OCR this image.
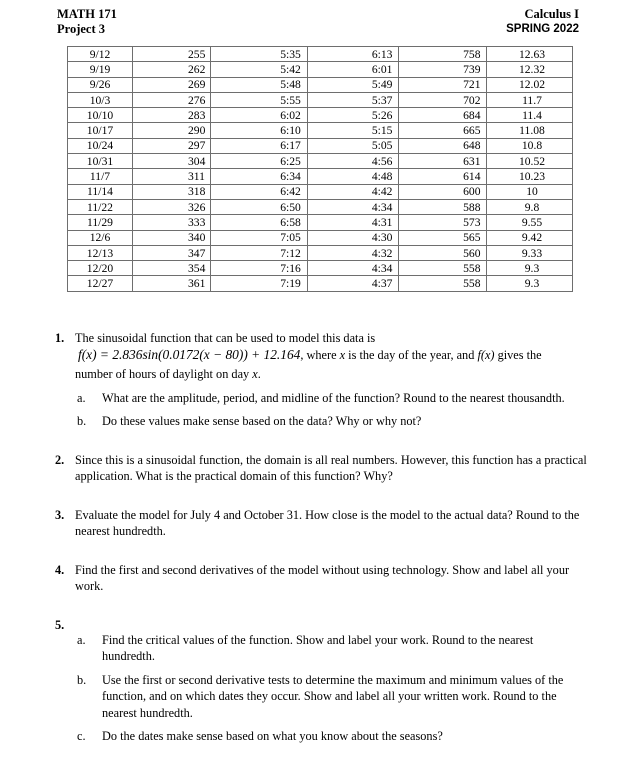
MATH 171
Project 3
Calculus I
SPRING 2022
9/12	255	5:35	6:13	758	12.63
9/19	262	5:42	6:01	739	12.32
9/26	269	5:48	5:49	721	12.02
10/3	276	5:55	5:37	702	11.7
10/10	283	6:02	5:26	684	11.4
10/17	290	6:10	5:15	665	11.08
10/24	297	6:17	5:05	648	10.8
10/31	304	6:25	4:56	631	10.52
11/7	311	6:34	4:48	614	10.23
11/14	318	6:42	4:42	600	10
11/22	326	6:50	4:34	588	9.8
11/29	333	6:58	4:31	573	9.55
12/6	340	7:05	4:30	565	9.42
12/13	347	7:12	4:32	560	9.33
12/20	354	7:16	4:34	558	9.3
12/27	361	7:19	4:37	558	9.3
1. The sinusoidal function that can be used to model this data is
f(x) = 2.836sin(0.0172(x − 80)) + 12.164, where x is the day of the year, and f(x) gives the
number of hours of daylight on day x.
a.	What are the amplitude, period, and midline of the function? Round to the nearest thousandth.
b.	Do these values make sense based on the data? Why or why not?
2. Since this is a sinusoidal function, the domain is all real numbers. However, this function has a practical application. What is the practical domain of this function? Why?
3. Evaluate the model for July 4 and October 31. How close is the model to the actual data? Round to the nearest hundredth.
4. Find the first and second derivatives of the model without using technology. Show and label all your work.
5.
a.	Find the critical values of the function. Show and label your work. Round to the nearest hundredth.
b.	Use the first or second derivative tests to determine the maximum and minimum values of the function, and on which dates they occur. Show and label all your written work. Round to the nearest hundredth.
c.	Do the dates make sense based on what you know about the seasons?
